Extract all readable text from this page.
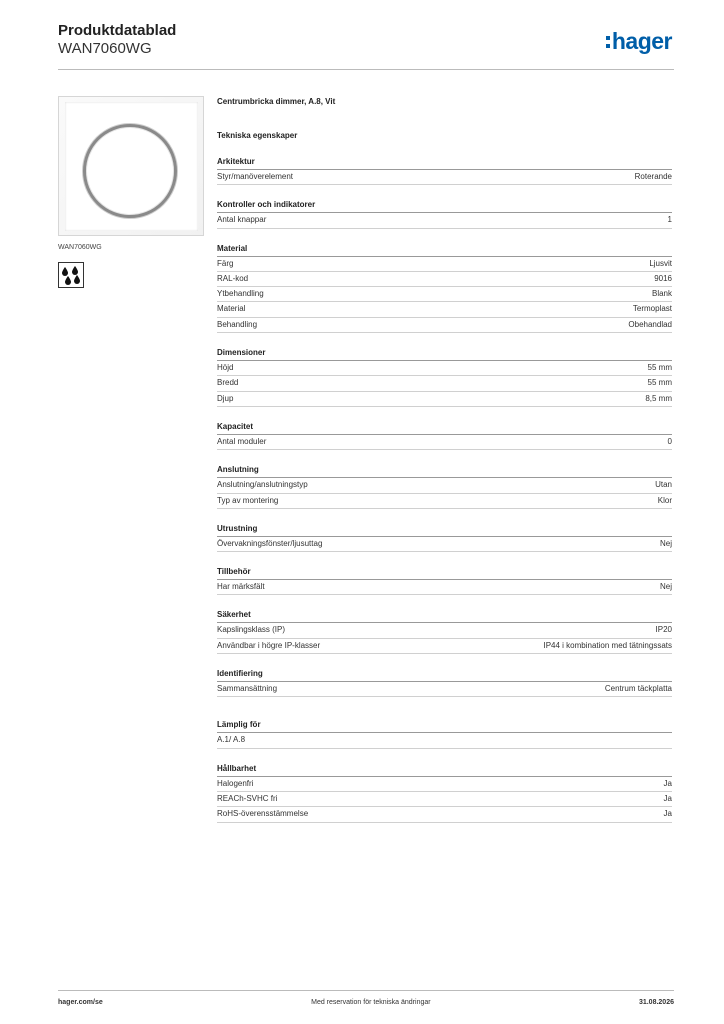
Produktdatablad
WAN7060WG	hager
WAN7060WG
Centrumbricka dimmer, A.8, Vit
Tekniska egenskaper
Arkitektur
Styr/manöverelement	Roterande
Kontroller och indikatorer
Antal knappar	1
Material
Färg	Ljusvit
RAL-kod	9016
Ytbehandling	Blank
Material	Termoplast
Behandling	Obehandlad
Dimensioner
Höjd	55 mm
Bredd	55 mm
Djup	8,5 mm
Kapacitet
Antal moduler	0
Anslutning
Anslutning/anslutningstyp	Utan
Typ av montering	Klor
Utrustning
Övervakningsfönster/ljusuttag	Nej
Tillbehör
Har märksfält	Nej
Säkerhet
Kapslingsklass (IP)	IP20
Användbar i högre IP-klasser	IP44 i kombination med tätningssats
Identifiering
Sammansättning	Centrum täckplatta
Lämplig för
A.1/ A.8
Hållbarhet
Halogenfri	Ja
REACh-SVHC fri	Ja
RoHS-överensstämmelse	Ja
hager.com/se	Med reservation för tekniska ändringar	31.08.2026
